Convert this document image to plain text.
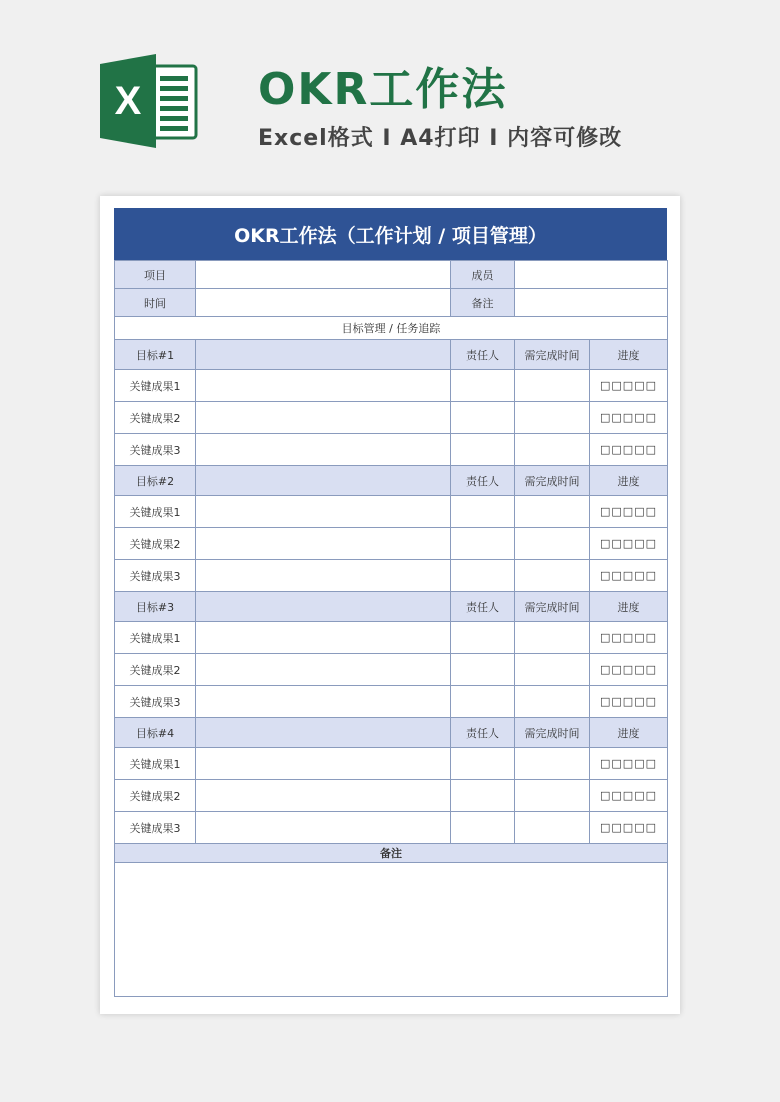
X	OKR工作法
Excel格式 I A4打印 I 内容可修改
OKR工作法（工作计划 / 项目管理）
项目		成员		
时间		备注		
目标管理 / 任务追踪				
目标#1		责任人	需完成时间	进度
关键成果1				□□□□□
关键成果2				□□□□□
关键成果3				□□□□□
目标#2		责任人	需完成时间	进度
关键成果1				□□□□□
关键成果2				□□□□□
关键成果3				□□□□□
目标#3		责任人	需完成时间	进度
关键成果1				□□□□□
关键成果2				□□□□□
关键成果3				□□□□□
目标#4		责任人	需完成时间	进度
关键成果1				□□□□□
关键成果2				□□□□□
关键成果3				□□□□□
备注				
